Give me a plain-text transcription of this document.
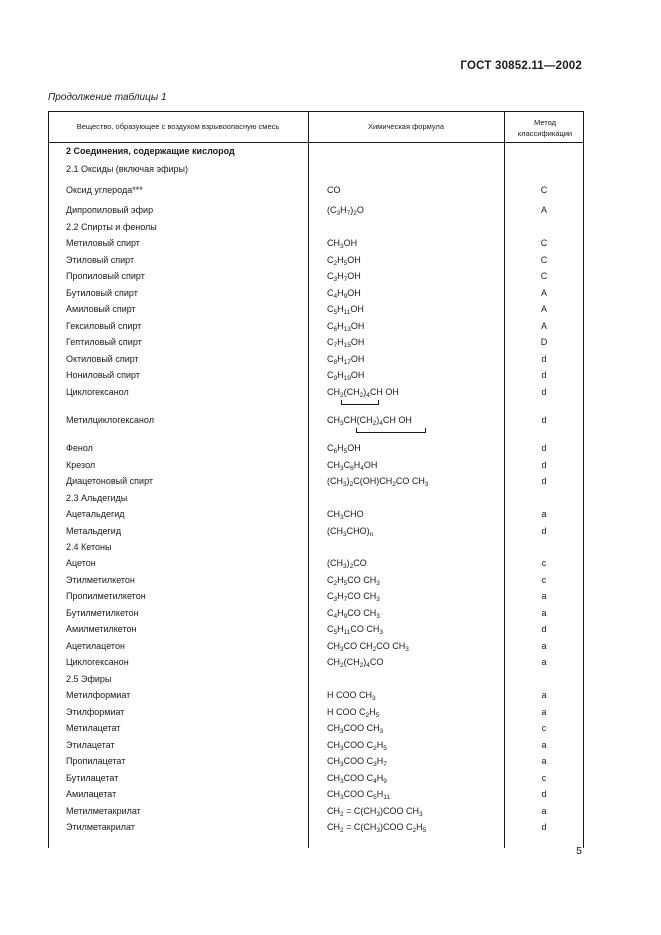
ГОСТ 30852.11—2002
Продолжение таблицы 1
Вещество, образующее с воздухом взрывоопасную смесь	Химическая формула	Метод классификации
2 Соединения, содержащие кислород
2.1 Оксиды (включая эфиры)
Оксид углерода***	CO	C
Дипропиловый эфир	$(C_3H_7)_2O$	A
2.2 Спирты и фенолы
Метиловый спирт	$CH_3OH$	C
Этиловый спирт	$C_2H_5OH$	C
Пропиловый спирт	$C_3H_7OH$	C
Бутиловый спирт	$C_4H_9OH$	A
Амиловый спирт	$C_5H_{11}OH$	A
Гексиловый спирт	$C_6H_{13}OH$	A
Гептиловый спирт	$C_7H_{15}OH$	D
Октиловый спирт	$C_8H_{17}OH$	d
Нониловый спирт	$C_9H_{19}OH$	d
Циклогексанол	$CH_2(CH_2)_4CH$ OH	d
Метилциклогексанол	$CH_3CH(CH_2)_4CH$ OH	d
Фенол	$C_6H_5OH$	d
Крезол	$CH_3C_6H_4OH$	d
Диацетоновый спирт	$(CH_3)_2C(OH)CH_2CO$ $CH_3$	d
2.3 Альдегиды
Ацетальдегид	$CH_3CHO$	a
Метальдегид	$(CH_3CHO)_n$	d
2.4 Кетоны
Ацетон	$(CH_3)_2CO$	c
Этилметилкетон	$C_2H_5CO$ $CH_3$	c
Пропилметилкетон	$C_3H_7CO$ $CH_3$	a
Бутилметилкетон	$C_4H_9CO$ $CH_3$	a
Амилметилкетон	$C_5H_{11}CO$ $CH_3$	d
Ацетилацетон	$CH_3CO$ $CH_2CO$ $CH_3$	a
Циклогексанон	$CH_2(CH_2)_4CO$	a
2.5 Эфиры
Метилформиат	H COO $CH_3$	a
Этилформиат	H COO $C_2H_5$	a
Метилацетат	$CH_3COO$ $CH_3$	c
Этилацетат	$CH_3COO$ $C_2H_5$	a
Пропилацетат	$CH_3COO$ $C_3H_7$	a
Бутилацетат	$CH_3COO$ $C_4H_9$	c
Амилацетат	$CH_3COO$ $C_5H_{11}$	d
Метилметакрилат	$CH_2 = C(CH_3)COO$ $CH_3$	a
Этилметакрилат	$CH_2 = C(CH_3)COO$ $C_2H_5$	d
5
